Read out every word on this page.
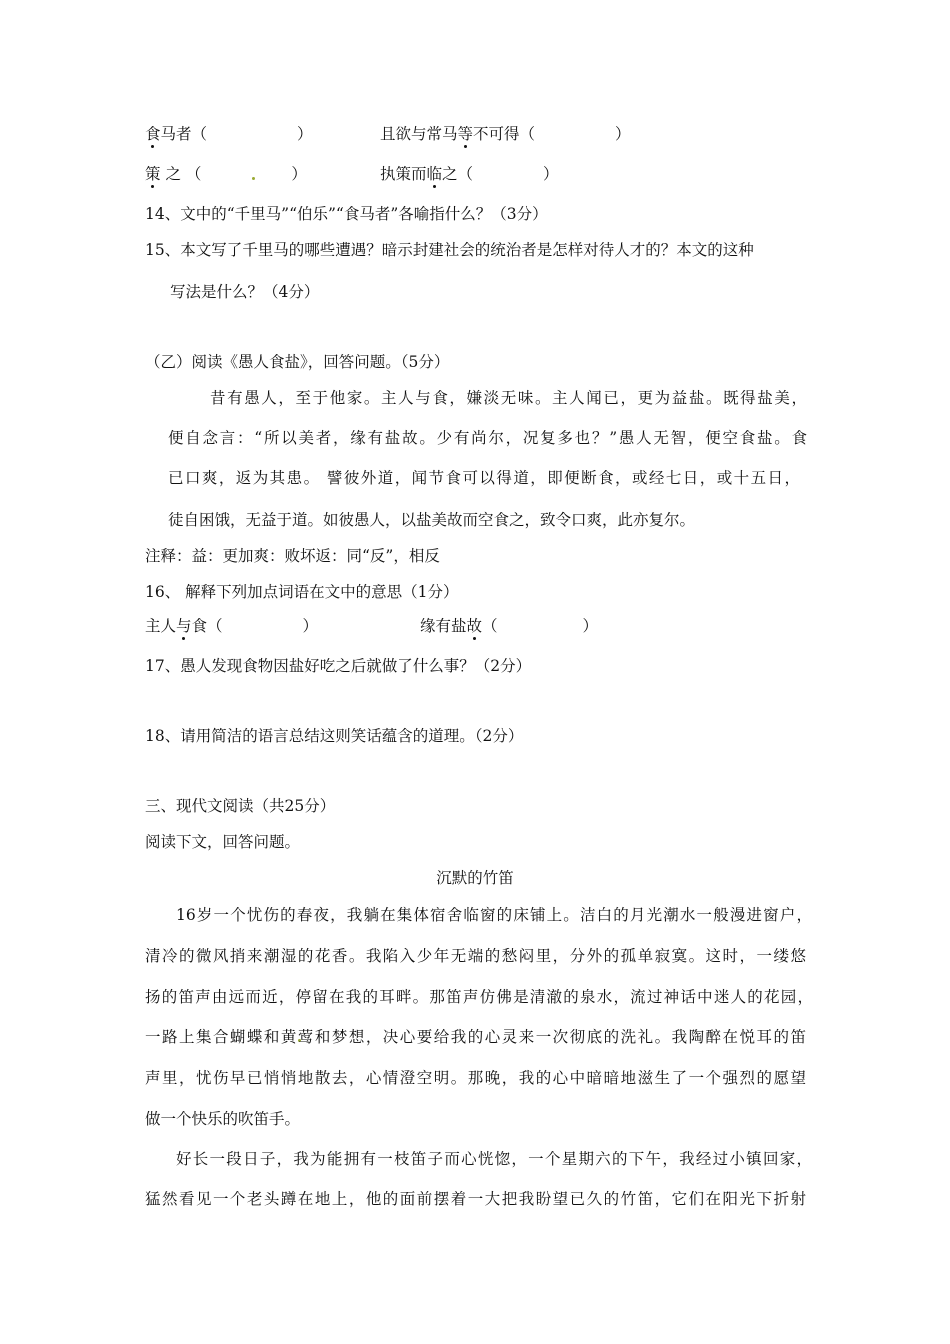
食马者（	）	且欲与常马等不可得（	）
策 之 （	）	执策而临之（	）
14、文中的“千里马”“伯乐”“食马者”各喻指什么？（3分）
15、本文写了千里马的哪些遭遇？暗示封建社会的统治者是怎样对待人才的？本文的这种
写法是什么？（4分）
（乙）阅读《愚人食盐》，回答问题。（5分）
昔有愚人，至于他家。主人与食，嫌淡无味。主人闻已，更为益盐。既得盐美，
便自念言：“所以美者，缘有盐故。少有尚尔，况复多也？”愚人无智，便空食盐。食
已口爽，返为其患。 譬彼外道，闻节食可以得道，即便断食，或经七日，或十五日，
徒自困饿，无益于道。如彼愚人，以盐美故而空食之，致令口爽，此亦复尔。
注释：益：更加爽：败坏返：同“反”，相反
16、 解释下列加点词语在文中的意思（1分）
主人与食（	）	缘有盐故（	）
17、愚人发现食物因盐好吃之后就做了什么事？（2分）
18、请用简洁的语言总结这则笑话蕴含的道理。（2分）
三、现代文阅读（共25分）
阅读下文，回答问题。
沉默的竹笛
16岁一个忧伤的春夜，我躺在集体宿舍临窗的床铺上。洁白的月光潮水一般漫进窗户，
清冷的微风捎来潮湿的花香。我陷入少年无端的愁闷里，分外的孤单寂寞。这时，一缕悠
扬的笛声由远而近，停留在我的耳畔。那笛声仿佛是清澈的泉水，流过神话中迷人的花园，
一路上集合蝴蝶和黄莺和梦想，决心要给我的心灵来一次彻底的洗礼。我陶醉在悦耳的笛
声里，忧伤早已悄悄地散去，心情澄空明。那晚，我的心中暗暗地滋生了一个强烈的愿望
做一个快乐的吹笛手。
好长一段日子，我为能拥有一枝笛子而心恍惚，一个星期六的下午，我经过小镇回家，
猛然看见一个老头蹲在地上，他的面前摆着一大把我盼望已久的竹笛，它们在阳光下折射
